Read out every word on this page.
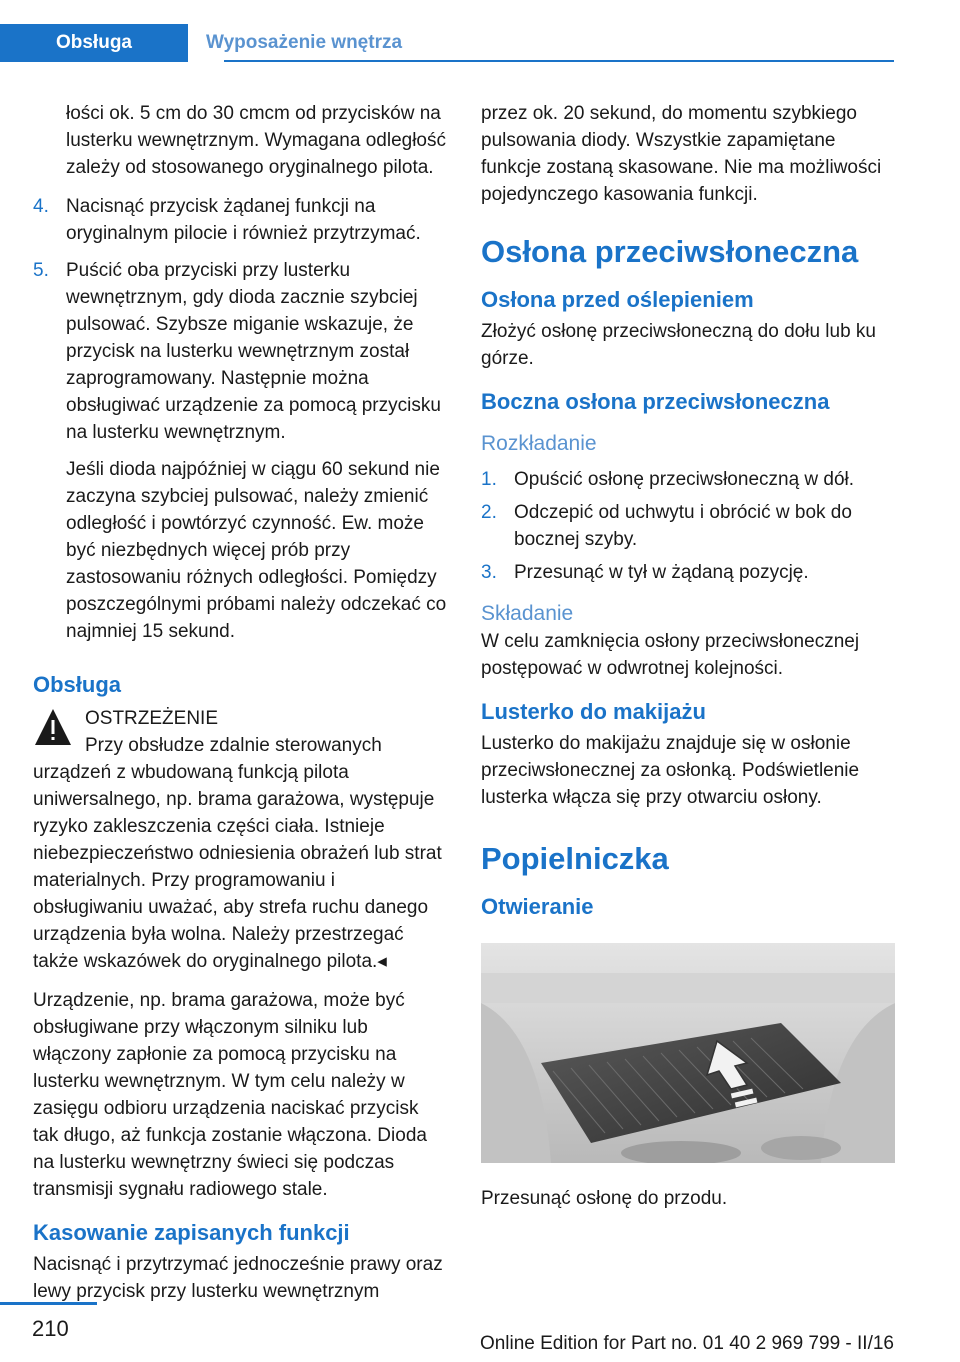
Obsługa	Wyposażenie wnętrza

łości ok. 5 cm do 30 cmcm od przycisków na lusterku wewnętrznym. Wymagana odległość zależy od stosowanego oryginalnego pilota.

4. Nacisnąć przycisk żądanej funkcji na oryginalnym pilocie i również przytrzymać.
5. Puścić oba przyciski przy lusterku wewnętrznym, gdy dioda zacznie szybciej pulsować. Szybsze miganie wskazuje, że przycisk na lusterku wewnętrznym został zaprogramowany. Następnie można obsługiwać urządzenie za pomocą przycisku na lusterku wewnętrznym.

Jeśli dioda najpóźniej w ciągu 60 sekund nie zaczyna szybciej pulsować, należy zmienić odległość i powtórzyć czynność. Ew. może być niezbędnych więcej prób przy zastosowaniu różnych odległości. Pomiędzy poszczególnymi próbami należy odczekać co najmniej 15 sekund.

Obsługa
OSTRZEŻENIE

Przy obsłudze zdalnie sterowanych urządzeń z wbudowaną funkcją pilota uniwersalnego, np. brama garażowa, występuje ryzyko zakleszczenia części ciała. Istnieje niebezpieczeństwo odniesienia obrażeń lub strat materialnych. Przy programowaniu i obsługiwaniu uważać, aby strefa ruchu danego urządzenia była wolna. Należy przestrzegać także wskazówek do oryginalnego pilota.◂

Urządzenie, np. brama garażowa, może być obsługiwane przy włączonym silniku lub włączony zapłonie za pomocą przycisku na lusterku wewnętrznym. W tym celu należy w zasięgu odbioru urządzenia naciskać przycisk tak długo, aż funkcja zostanie włączona. Dioda na lusterku wewnętrzny świeci się podczas transmisji sygnału radiowego stale.

Kasowanie zapisanych funkcji

Nacisnąć i przytrzymać jednocześnie prawy oraz lewy przycisk przy lusterku wewnętrznym

przez ok. 20 sekund, do momentu szybkiego pulsowania diody. Wszystkie zapamiętane funkcje zostaną skasowane. Nie ma możliwości pojedynczego kasowania funkcji.

Osłona przeciwsłoneczna
Osłona przed oślepieniem

Złożyć osłonę przeciwsłoneczną do dołu lub ku górze.

Boczna osłona przeciwsłoneczna
Rozkładanie
1. Opuścić osłonę przeciwsłoneczną w dół.
2. Odczepić od uchwytu i obrócić w bok do bocznej szyby.
3. Przesunąć w tył w żądaną pozycję.
Składanie

W celu zamknięcia osłony przeciwsłonecznej postępować w odwrotnej kolejności.

Lusterko do makijażu

Lusterko do makijażu znajduje się w osłonie przeciwsłonecznej za osłonką. Podświetlenie lusterka włącza się przy otwarciu osłony.

Popielniczka
Otwieranie

Przesunąć osłonę do przodu.

210
Online Edition for Part no. 01 40 2 969 799 - II/16
